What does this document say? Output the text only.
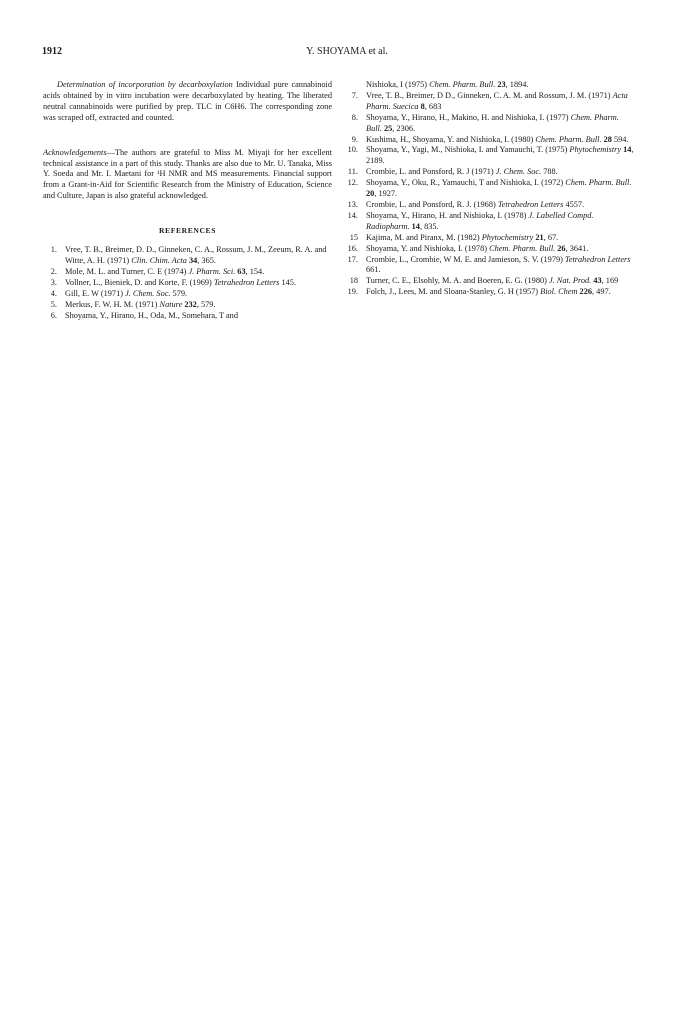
1912	Y. SHOYAMA et al.

Determination of incorporation by decarboxylation Individual pure cannabinoid acids obtained by in vitro incubation were decarboxylated by heating. The liberated neutral cannabinoids were purified by prep. TLC in C6H6. The corresponding zone was scraped off, extracted and counted.

Acknowledgements—The authors are grateful to Miss M. Miyaji for her excellent technical assistance in a part of this study. Thanks are also due to Mr. U. Tanaka, Miss Y. Soeda and Mr. I. Maetani for ¹H NMR and MS measurements. Financial support from a Grant-in-Aid for Scientific Research from the Ministry of Education, Science and Culture, Japan is also grateful acknowledged.

REFERENCES

1. Vree, T. B., Breimer, D. D., Ginneken, C. A., Rossum, J. M., Zeeum, R. A. and Witte, A. H. (1971) Clin. Chim. Acta 34, 365.

2. Mole, M. L. and Turner, C. E (1974) J. Pharm. Sci. 63, 154.

3. Vollner, L., Bieniek, D. and Korte, F. (1969) Tetrahedron Letters 145.

4. Gill, E. W (1971) J. Chem. Soc. 579.

5. Merkus, F. W. H. M. (1971) Nature 232, 579.

6. Shoyama, Y., Hirano, H., Oda, M., Somehara, T and

Nishioka, I (1975) Chem. Pharm. Bull. 23, 1894.

7. Vree, T. B., Breimer, D D., Ginneken, C. A. M. and Rossum, J. M. (1971) Acta Pharm. Suecica 8, 683

8. Shoyama, Y., Hirano, H., Makino, H. and Nishioka, I. (1977) Chem. Pharm. Bull. 25, 2306.

9. Kushima, H., Shoyama, Y. and Nishioka, I. (1980) Chem. Pharm. Bull. 28 594.

10. Shoyama, Y., Yagi, M., Nishioka, I. and Yamauchi, T. (1975) Phytochemistry 14, 2189.

11. Crombie, L. and Ponsford, R. J (1971) J. Chem. Soc. 788.

12. Shoyama, Y., Oku, R., Yamauchi, T and Nishioka, I. (1972) Chem. Pharm. Bull. 20, 1927.

13. Crombie, L. and Ponsford, R. J. (1968) Tetrahedron Letters 4557.

14. Shoyama, Y., Hirano, H. and Nishioka, I. (1978) J. Labelled Compd. Radiopharm. 14, 835.

15 Kajima, M. and Piranx, M. (1982) Phytochemistry 21, 67.

16. Shoyama, Y. and Nishioka, I. (1978) Chem. Pharm. Bull. 26, 3641.

17. Crombie, L., Crombie, W M. E. and Jamieson, S. V. (1979) Tetrahedron Letters 661.

18 Turner, C. E., Elsohly, M. A. and Boeren, E. G. (1980) J. Nat. Prod. 43, 169

19. Folch, J., Lees, M. and Sloana-Stanley, G. H (1957) Biol. Chem 226, 497.
